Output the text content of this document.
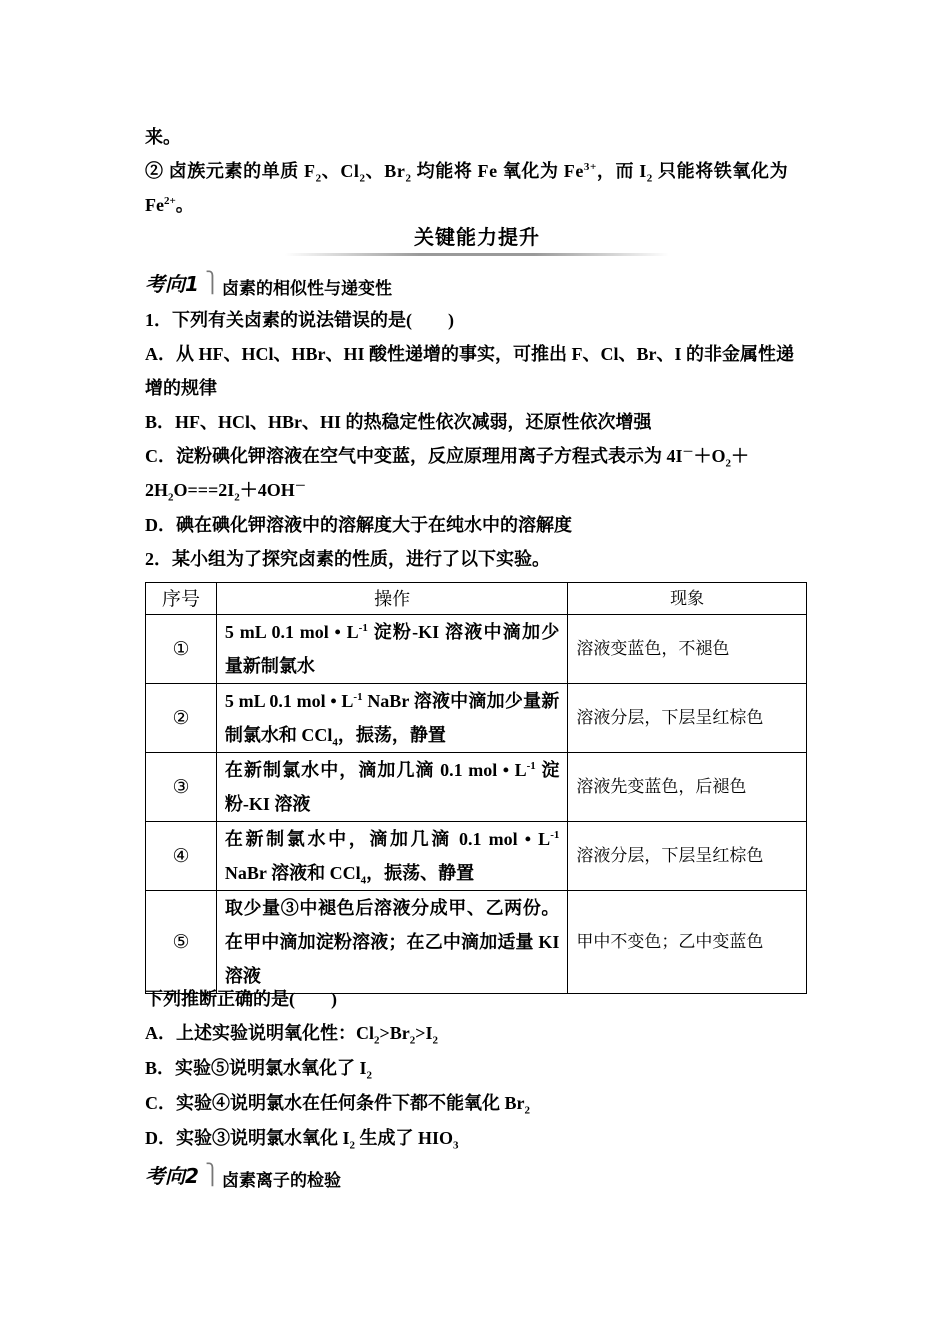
来。
② 卤族元素的单质 $F_2$、$Cl_2$、$Br_2$ 均能将 Fe 氧化为 $Fe^{3+}$，而 $I_2$ 只能将铁氧化为
$Fe^{2+}$。
关键能力提升
考向1 ⎫ 卤素的相似性与递变性
1．下列有关卤素的说法错误的是(　　)
A．从 HF、HCl、HBr、HI 酸性递增的事实，可推出 F、Cl、Br、I 的非金属性递增的规律
B．HF、HCl、HBr、HI 的热稳定性依次减弱，还原性依次增强
C．淀粉碘化钾溶液在空气中变蓝，反应原理用离子方程式表示为 $4I^-+O_2+$
$2H_2O===2I_2+4OH^-$
D．碘在碘化钾溶液中的溶解度大于在纯水中的溶解度
2．某小组为了探究卤素的性质，进行了以下实验。
序号	操作	现象
①	5 mL 0.1 mol • $L^{-1}$ 淀粉-KI 溶液中滴加少量新制氯水	溶液变蓝色，不褪色
②	5 mL 0.1 mol • $L^{-1}$ NaBr 溶液中滴加少量新制氯水和 CCl$_4$，振荡，静置	溶液分层，下层呈红棕色
③	在新制氯水中，滴加几滴 0.1 mol • $L^{-1}$ 淀粉-KI 溶液	溶液先变蓝色，后褪色
④	在新制氯水中，滴加几滴 0.1 mol • $L^{-1}$ NaBr 溶液和 CCl$_4$，振荡、静置	溶液分层，下层呈红棕色
⑤	取少量③中褪色后溶液分成甲、乙两份。在甲中滴加淀粉溶液；在乙中滴加适量 KI 溶液	甲中不变色；乙中变蓝色
下列推断正确的是(　　)
A．上述实验说明氧化性：$Cl_2>Br_2>I_2$
B．实验⑤说明氯水氧化了 $I_2$
C．实验④说明氯水在任何条件下都不能氧化 $Br_2$
D．实验③说明氯水氧化 $I_2$ 生成了 $HIO_3$
考向2 ⎫ 卤素离子的检验
